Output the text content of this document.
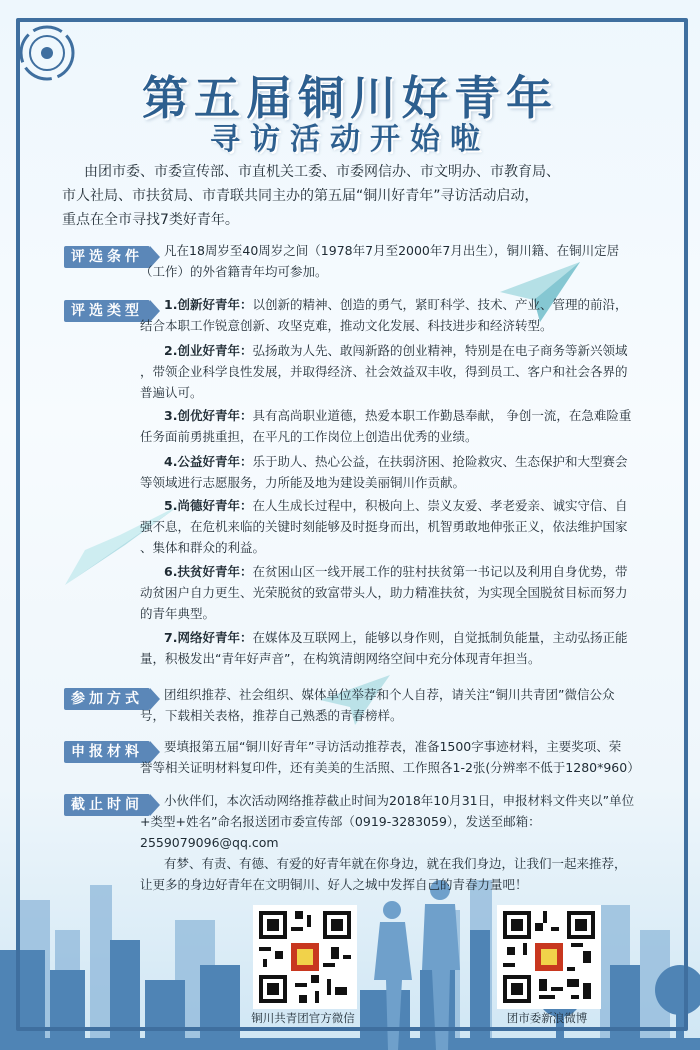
第五届铜川好青年
寻访活动开始啦

由团市委、市委宣传部、市直机关工委、市委网信办、市文明办、市教育局、

市人社局、市扶贫局、市青联共同主办的第五届“铜川好青年”寻访活动启动，

重点在全市寻找7类好青年。

评选条件	凡在18周岁至40周岁之间（1978年7月至2000年7月出生），铜川籍、在铜川定居

（工作）的外省籍青年均可参加。

评选类型	1.创新好青年：以创新的精神、创造的勇气，紧盯科学、技术、产业、管理的前沿，

结合本职工作锐意创新、攻坚克难，推动文化发展、科技进步和经济转型。

2.创业好青年：弘扬敢为人先、敢闯新路的创业精神，特别是在电子商务等新兴领域

，带领企业科学良性发展，并取得经济、社会效益双丰收，得到员工、客户和社会各界的

普遍认可。

3.创优好青年：具有高尚职业道德，热爱本职工作勤恳奉献， 争创一流，在急难险重

任务面前勇挑重担，在平凡的工作岗位上创造出优秀的业绩。

4.公益好青年：乐于助人、热心公益，在扶弱济困、抢险救灾、生态保护和大型赛会

等领域进行志愿服务，力所能及地为建设美丽铜川作贡献。

5.尚德好青年：在人生成长过程中，积极向上、崇义友爱、孝老爱亲、诚实守信、自

强不息，在危机来临的关键时刻能够及时挺身而出，机智勇敢地伸张正义，依法维护国家

、集体和群众的利益。

6.扶贫好青年：在贫困山区一线开展工作的驻村扶贫第一书记以及利用自身优势，带

动贫困户自力更生、光荣脱贫的致富带头人，助力精准扶贫，为实现全国脱贫目标而努力

的青年典型。

7.网络好青年：在媒体及互联网上，能够以身作则，自觉抵制负能量，主动弘扬正能

量，积极发出“青年好声音”，在构筑清朗网络空间中充分体现青年担当。

参加方式	团组织推荐、社会组织、媒体单位举荐和个人自荐，请关注“铜川共青团”微信公众

号，下载相关表格，推荐自己熟悉的青春榜样。

申报材料	要填报第五届“铜川好青年”寻访活动推荐表，准备1500字事迹材料，主要奖项、荣

誉等相关证明材料复印件，还有美美的生活照、工作照各1-2张(分辨率不低于1280*960）

截止时间	小伙伴们，本次活动网络推荐截止时间为2018年10月31日，申报材料文件夹以”单位

+类型+姓名”命名报送团市委宣传部（0919-3283059），发送至邮箱：

2559079096@qq.com

有梦、有责、有德、有爱的好青年就在你身边，就在我们身边，让我们一起来推荐，

让更多的身边好青年在文明铜川、好人之城中发挥自己的青春力量吧！

铜川共青团官方微信	团市委新浪微博
